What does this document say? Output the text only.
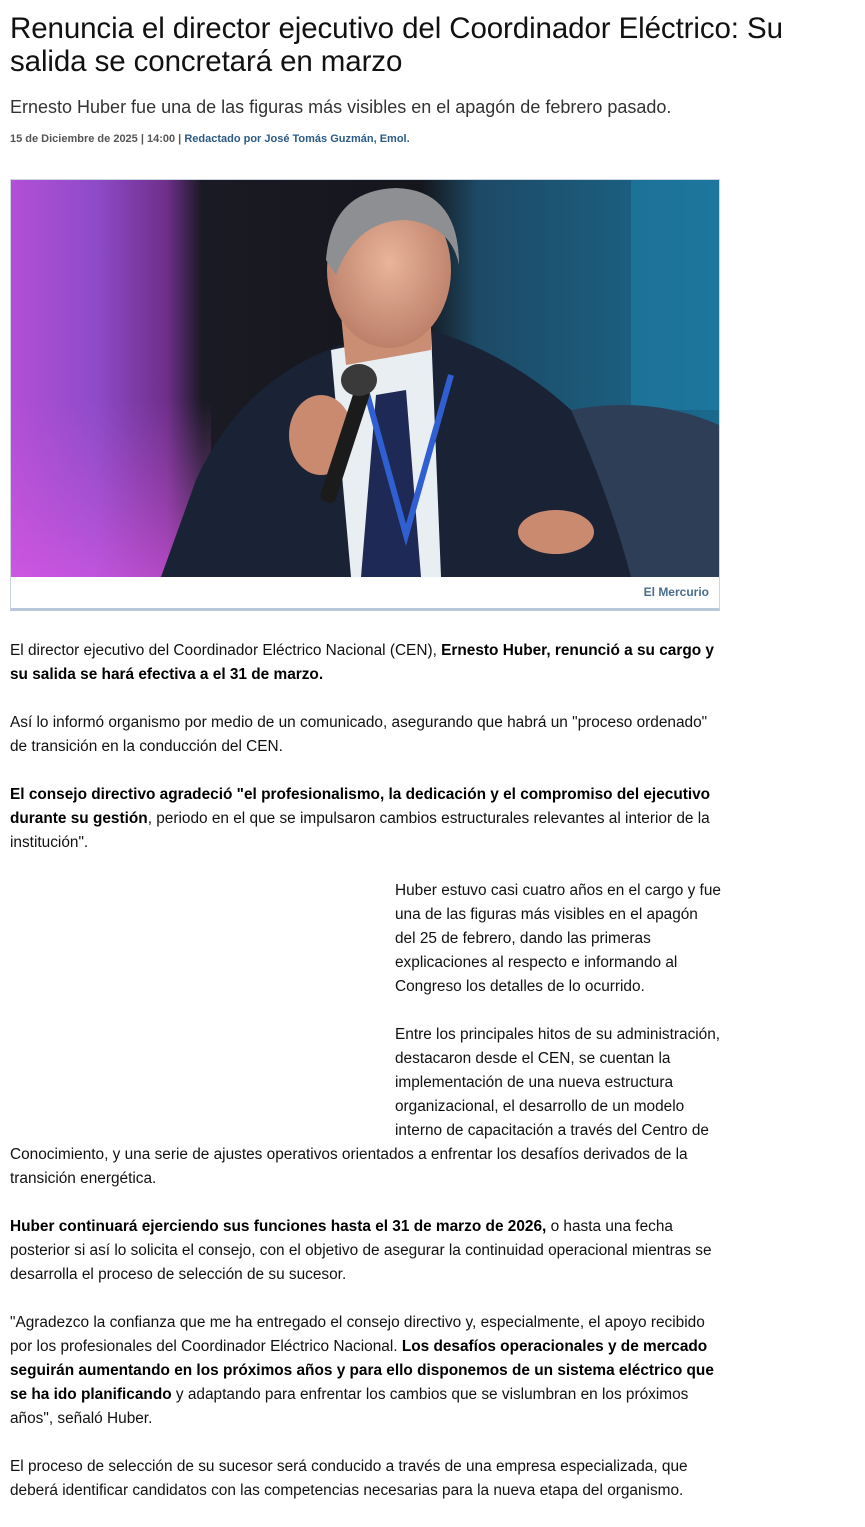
Renuncia el director ejecutivo del Coordinador Eléctrico: Su salida se concretará en marzo
Ernesto Huber fue una de las figuras más visibles en el apagón de febrero pasado.
15 de Diciembre de 2025 | 14:00 | Redactado por José Tomás Guzmán, Emol.
El Mercurio

El director ejecutivo del Coordinador Eléctrico Nacional (CEN), Ernesto Huber, renunció a su cargo y su salida se hará efectiva a el 31 de marzo.

Así lo informó organismo por medio de un comunicado, asegurando que habrá un "proceso ordenado" de transición en la conducción del CEN.

El consejo directivo agradeció "el profesionalismo, la dedicación y el compromiso del ejecutivo durante su gestión, periodo en el que se impulsaron cambios estructurales relevantes al interior de la institución".

Huber estuvo casi cuatro años en el cargo y fue una de las figuras más visibles en el apagón del 25 de febrero, dando las primeras explicaciones al respecto e informando al Congreso los detalles de lo ocurrido.

Entre los principales hitos de su administración, destacaron desde el CEN, se cuentan la implementación de una nueva estructura organizacional, el desarrollo de un modelo interno de capacitación a través del Centro de Conocimiento, y una serie de ajustes operativos orientados a enfrentar los desafíos derivados de la transición energética.

Huber continuará ejerciendo sus funciones hasta el 31 de marzo de 2026, o hasta una fecha posterior si así lo solicita el consejo, con el objetivo de asegurar la continuidad operacional mientras se desarrolla el proceso de selección de su sucesor.

"Agradezco la confianza que me ha entregado el consejo directivo y, especialmente, el apoyo recibido por los profesionales del Coordinador Eléctrico Nacional. Los desafíos operacionales y de mercado seguirán aumentando en los próximos años y para ello disponemos de un sistema eléctrico que se ha ido planificando y adaptando para enfrentar los cambios que se vislumbran en los próximos años", señaló Huber.

El proceso de selección de su sucesor será conducido a través de una empresa especializada, que deberá identificar candidatos con las competencias necesarias para la nueva etapa del organismo.
